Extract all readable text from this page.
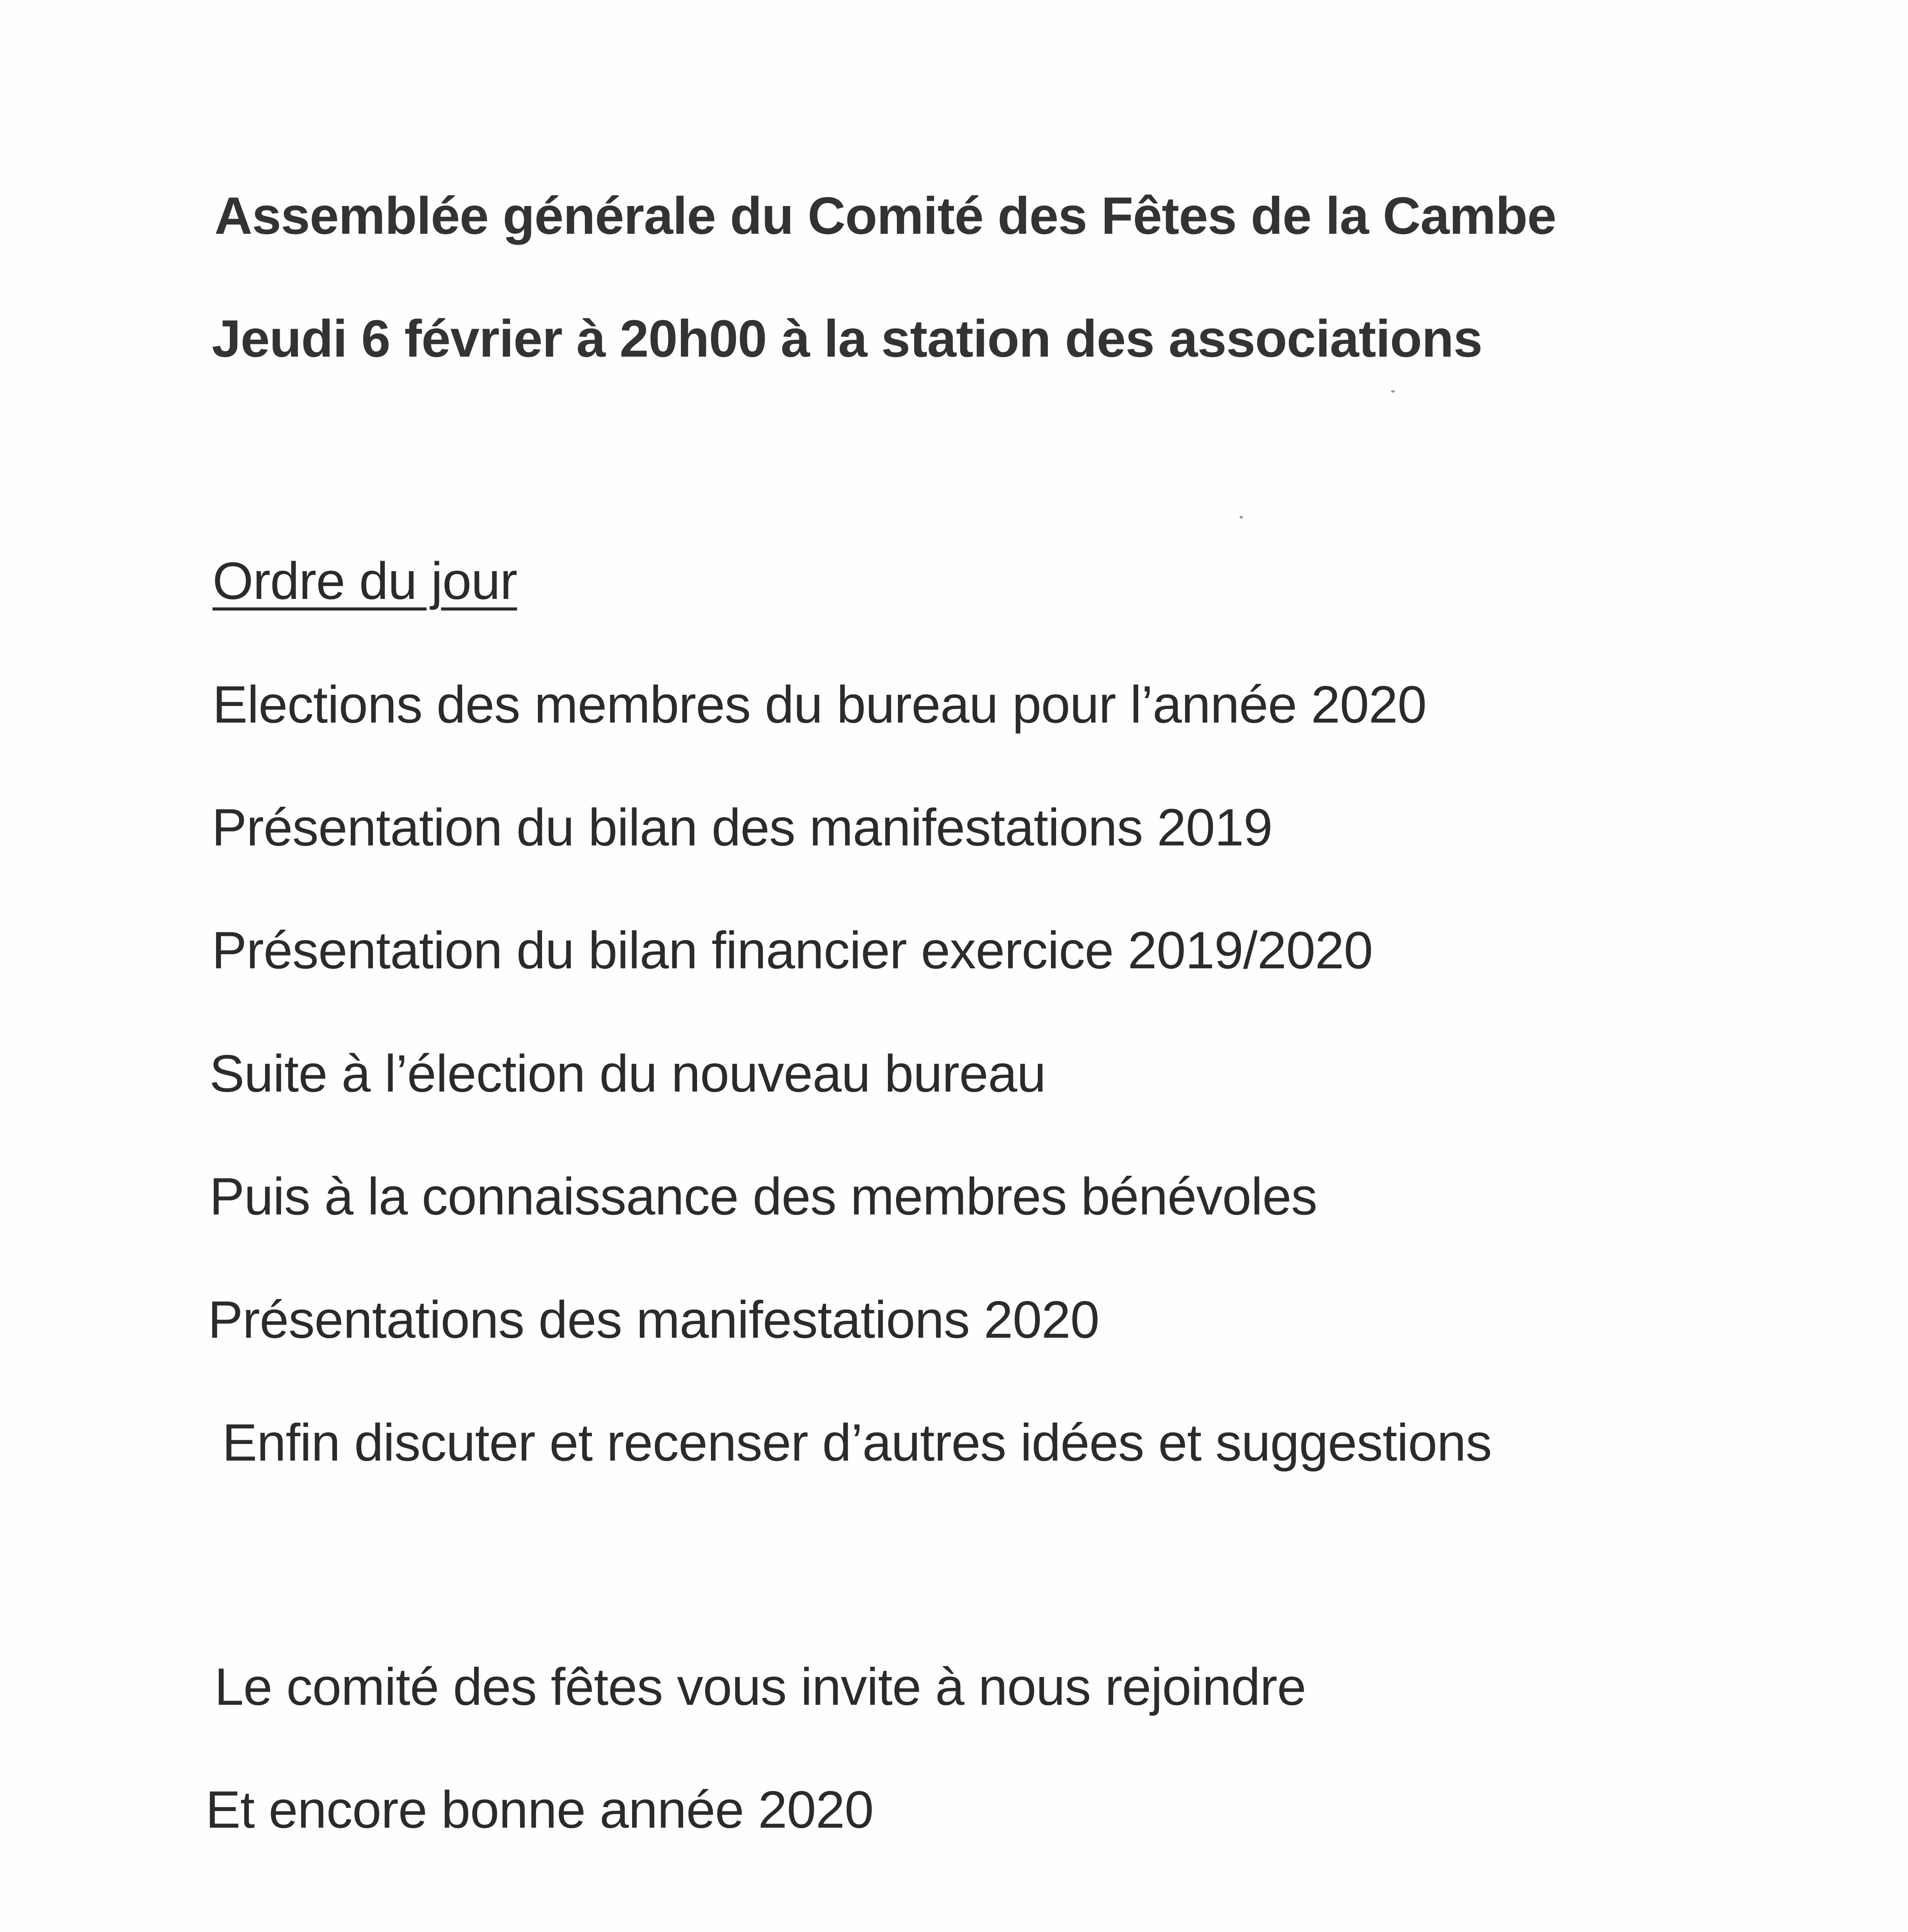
Assemblée générale du Comité des Fêtes de la Cambe
Jeudi 6 février à 20h00 à la station des associations
Ordre du jour
Elections des membres du bureau pour l’année 2020
Présentation du bilan des manifestations 2019
Présentation du bilan financier exercice 2019/2020
Suite à l’élection du nouveau bureau
Puis à la connaissance des membres bénévoles
Présentations des manifestations 2020
Enfin discuter et recenser d’autres idées et suggestions
Le comité des fêtes vous invite à nous rejoindre
Et encore bonne année 2020
